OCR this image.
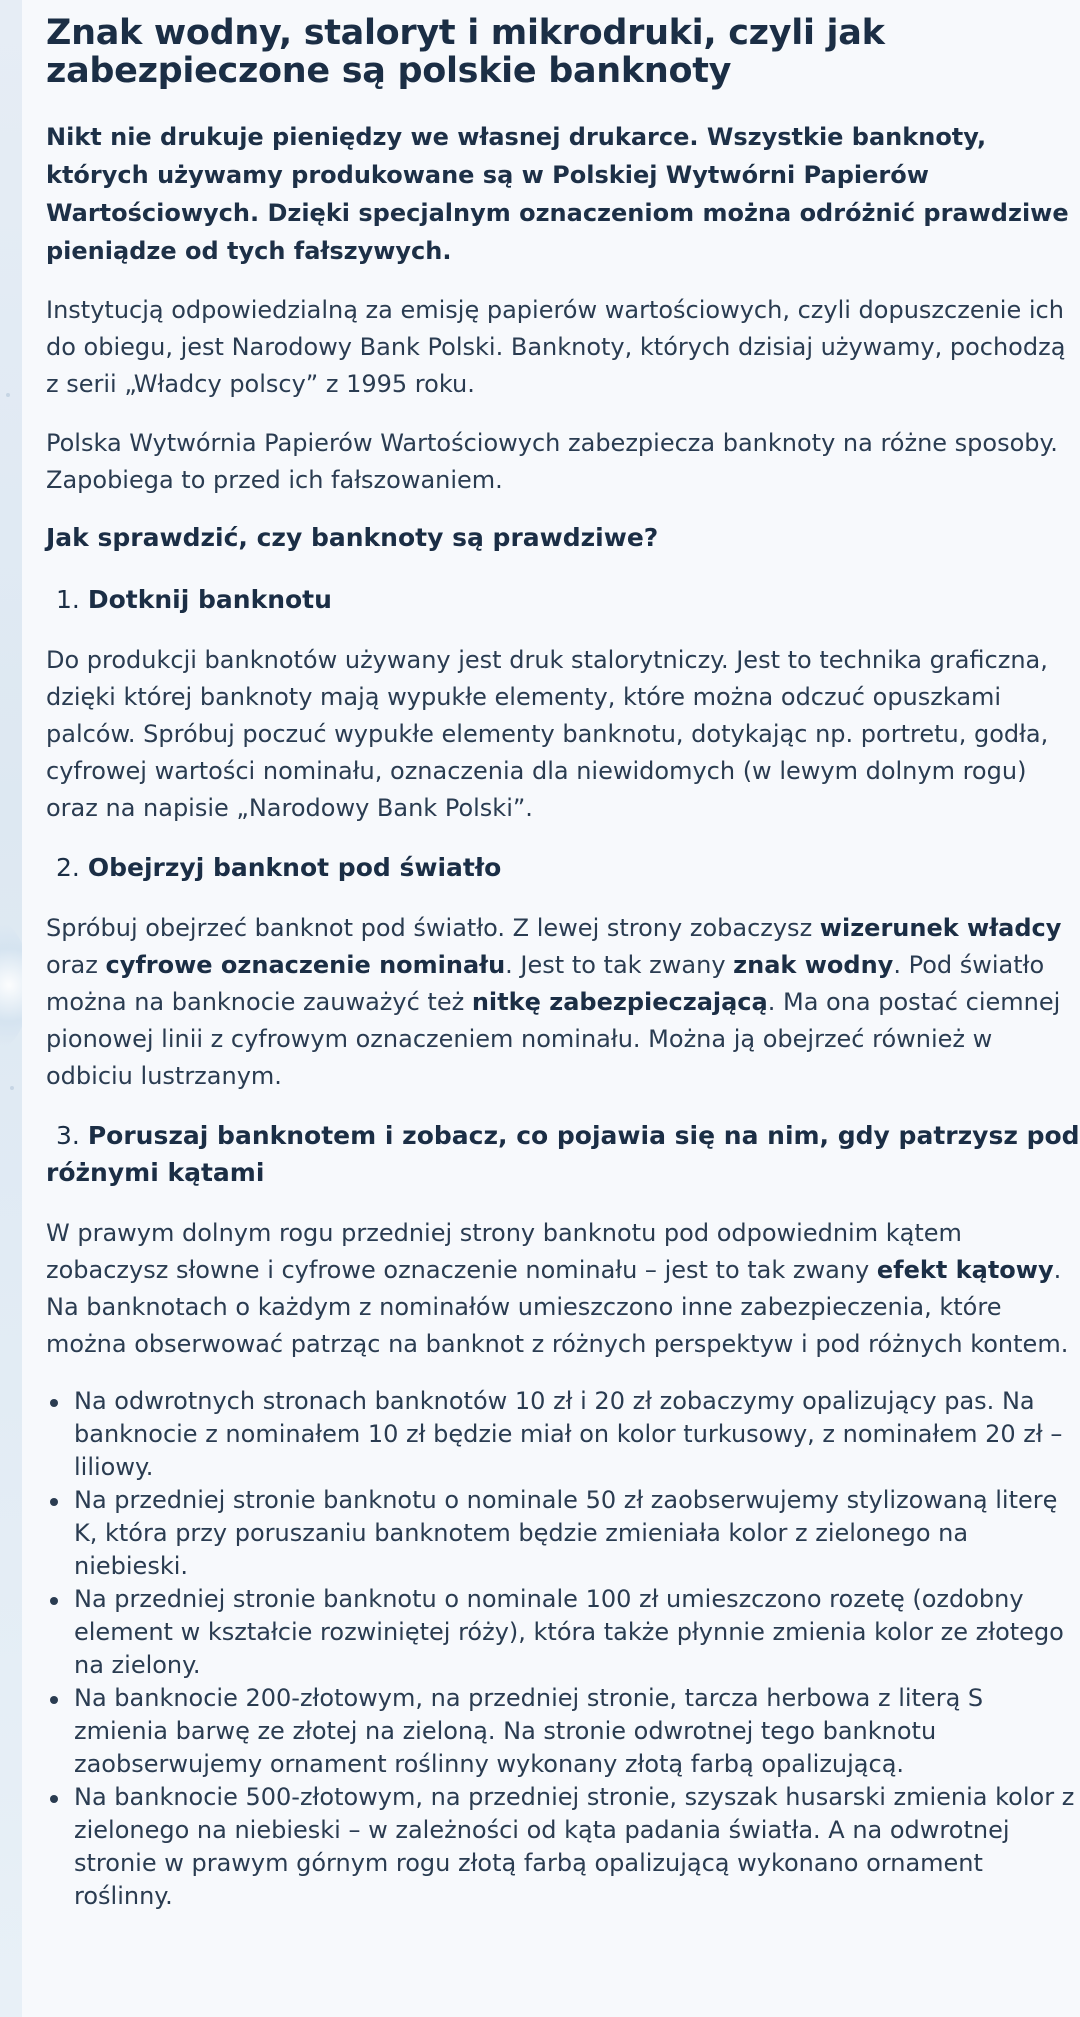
Znak wodny, staloryt i mikrodruki, czyli jak zabezpieczone są polskie banknoty
Nikt nie drukuje pieniędzy we własnej drukarce. Wszystkie banknoty, których używamy produkowane są w Polskiej Wytwórni Papierów Wartościowych. Dzięki specjalnym oznaczeniom można odróżnić prawdziwe pieniądze od tych fałszywych.

Instytucją odpowiedzialną za emisję papierów wartościowych, czyli dopuszczenie ich do obiegu, jest Narodowy Bank Polski. Banknoty, których dzisiaj używamy, pochodzą z serii „Władcy polscy” z 1995 roku.

Polska Wytwórnia Papierów Wartościowych zabezpiecza banknoty na różne sposoby. Zapobiega to przed ich fałszowaniem.

Jak sprawdzić, czy banknoty są prawdziwe?
1. Dotknij banknotu

Do produkcji banknotów używany jest druk stalorytniczy. Jest to technika graficzna, dzięki której banknoty mają wypukłe elementy, które można odczuć opuszkami palców. Spróbuj poczuć wypukłe elementy banknotu, dotykając np. portretu, godła, cyfrowej wartości nominału, oznaczenia dla niewidomych (w lewym dolnym rogu) oraz na napisie „Narodowy Bank Polski”.

2. Obejrzyj banknot pod światło

Spróbuj obejrzeć banknot pod światło. Z lewej strony zobaczysz wizerunek władcy oraz cyfrowe oznaczenie nominału. Jest to tak zwany znak wodny. Pod światło można na banknocie zauważyć też nitkę zabezpieczającą. Ma ona postać ciemnej pionowej linii z cyfrowym oznaczeniem nominału. Można ją obejrzeć również w odbiciu lustrzanym.

3. Poruszaj banknotem i zobacz, co pojawia się na nim, gdy patrzysz pod różnymi kątami

W prawym dolnym rogu przedniej strony banknotu pod odpowiednim kątem zobaczysz słowne i cyfrowe oznaczenie nominału – jest to tak zwany efekt kątowy. Na banknotach o każdym z nominałów umieszczono inne zabezpieczenia, które można obserwować patrząc na banknot z różnych perspektyw i pod różnych kontem.

Na odwrotnych stronach banknotów 10 zł i 20 zł zobaczymy opalizujący pas. Na banknocie z nominałem 10 zł będzie miał on kolor turkusowy, z nominałem 20 zł – liliowy.
Na przedniej stronie banknotu o nominale 50 zł zaobserwujemy stylizowaną literę K, która przy poruszaniu banknotem będzie zmieniała kolor z zielonego na niebieski.
Na przedniej stronie banknotu o nominale 100 zł umieszczono rozetę (ozdobny element w kształcie rozwiniętej róży), która także płynnie zmienia kolor ze złotego na zielony.
Na banknocie 200-złotowym, na przedniej stronie, tarcza herbowa z literą S zmienia barwę ze złotej na zieloną. Na stronie odwrotnej tego banknotu zaobserwujemy ornament roślinny wykonany złotą farbą opalizującą.
Na banknocie 500-złotowym, na przedniej stronie, szyszak husarski zmienia kolor z zielonego na niebieski – w zależności od kąta padania światła. A na odwrotnej stronie w prawym górnym rogu złotą farbą opalizującą wykonano ornament roślinny.
